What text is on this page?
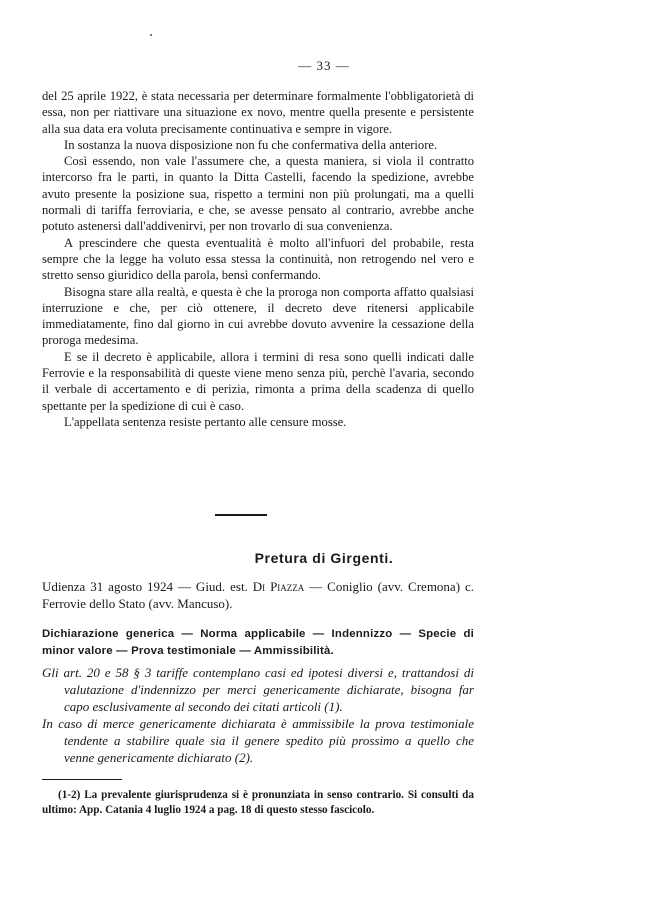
— 33 —

del 25 aprile 1922, è stata necessaria per determinare formalmente l'obbligatorietà di essa, non per riattivare una situazione ex novo, mentre quella presente e persistente alla sua data era voluta precisamente continuativa e sempre in vigore.

In sostanza la nuova disposizione non fu che confermativa della anteriore.

Così essendo, non vale l'assumere che, a questa maniera, si viola il contratto intercorso fra le parti, in quanto la Ditta Castelli, facendo la spedizione, avrebbe avuto presente la posizione sua, rispetto a termini non più prolungati, ma a quelli normali di tariffa ferroviaria, e che, se avesse pensato al contrario, avrebbe anche potuto astenersi dall'addivenirvi, per non trovarlo di sua convenienza.

A prescindere che questa eventualità è molto all'infuori del probabile, resta sempre che la legge ha voluto essa stessa la continuità, non retrogendo nel vero e stretto senso giuridico della parola, bensì confermando.

Bisogna stare alla realtà, e questa è che la proroga non comporta affatto qualsiasi interruzione e che, per ciò ottenere, il decreto deve ritenersi applicabile immediatamente, fino dal giorno in cui avrebbe dovuto avvenire la cessazione della proroga medesima.

E se il decreto è applicabile, allora i termini di resa sono quelli indicati dalle Ferrovie e la responsabilità di queste viene meno senza più, perchè l'avaria, secondo il verbale di accertamento e di perizia, rimonta a prima della scadenza di quello spettante per la spedizione di cui è caso.

L'appellata sentenza resiste pertanto alle censure mosse.

Pretura di Girgenti.
Udienza 31 agosto 1924 — Giud. est. Di Piazza — Coniglio (avv. Cremona) c. Ferrovie dello Stato (avv. Mancuso).
Dichiarazione generica — Norma applicabile — Indennizzo — Specie di minor valore — Prova testimoniale — Ammissibilità.

Gli art. 20 e 58 § 3 tariffe contemplano casi ed ipotesi diversi e, trattandosi di valutazione d'indennizzo per merci genericamente dichiarate, bisogna far capo esclusivamente al secondo dei citati articoli (1).

In caso di merce genericamente dichiarata è ammissibile la prova testimoniale tendente a stabilire quale sia il genere spedito più prossimo a quello che venne genericamente dichiarato (2).

(1-2) La prevalente giurisprudenza si è pronunziata in senso contrario. Si consulti da ultimo: App. Catania 4 luglio 1924 a pag. 18 di questo stesso fascicolo.
